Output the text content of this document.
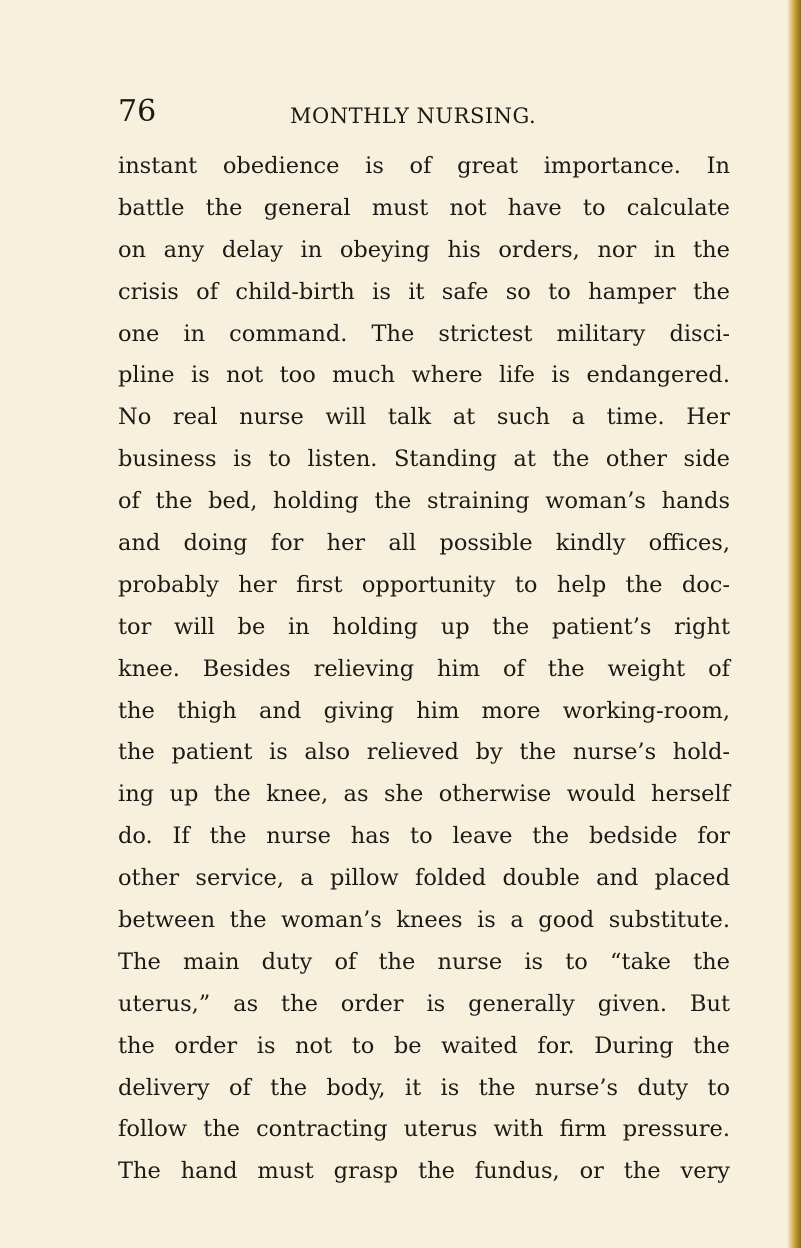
76	MONTHLY NURSING.
instant obedience is of great importance. In
battle the general must not have to calculate
on any delay in obeying his orders, nor in the
crisis of child-birth is it safe so to hamper the
one in command. The strictest military disci-
pline is not too much where life is endangered.
No real nurse will talk at such a time. Her
business is to listen. Standing at the other side
of the bed, holding the straining woman’s hands
and doing for her all possible kindly offices,
probably her first opportunity to help the doc-
tor will be in holding up the patient’s right
knee. Besides relieving him of the weight of
the thigh and giving him more working-room,
the patient is also relieved by the nurse’s hold-
ing up the knee, as she otherwise would herself
do. If the nurse has to leave the bedside for
other service, a pillow folded double and placed
between the woman’s knees is a good substitute.
The main duty of the nurse is to “take the
uterus,” as the order is generally given. But
the order is not to be waited for. During the
delivery of the body, it is the nurse’s duty to
follow the contracting uterus with firm pressure.
The hand must grasp the fundus, or the very
